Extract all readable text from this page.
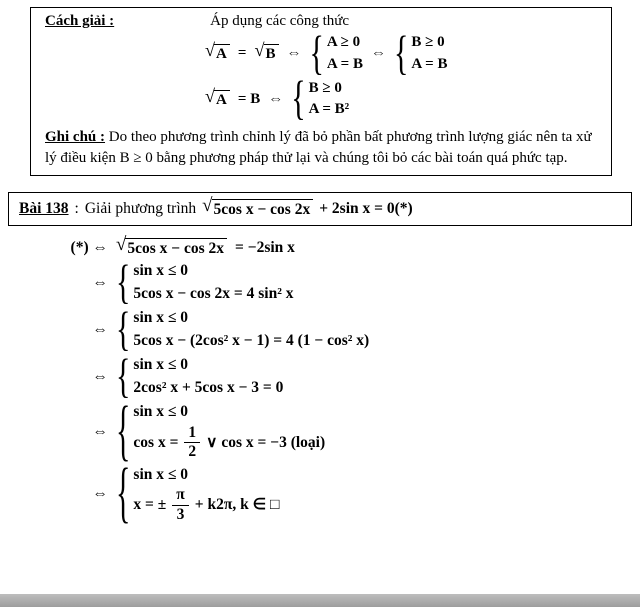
Cách giải :	Áp dụng các công thức
√ A = √ B ⇔ { A ≥ 0
A = B
⇔ { B ≥ 0
A = B
√ A = B ⇔ { B ≥ 0
A = B²

Ghi chú : Do theo phương trình chỉnh lý đã bỏ phần bất phương trình lượng giác nên ta xử lý điều kiện B ≥ 0 bằng phương pháp thử lại và chúng tôi bỏ các bài toán quá phức tạp.

Bài 138 : Giải phương trình √ 5cos x − cos 2x + 2sin x = 0(*)
(*) ⇔ √ 5cos x − cos 2x = −2sin x
⇔ { sin x ≤ 0
5cos x − cos 2x = 4 sin² x
⇔ { sin x ≤ 0
5cos x − (2cos² x − 1) = 4 (1 − cos² x)
⇔ { sin x ≤ 0
2cos² x + 5cos x − 3 = 0
⇔ { sin x ≤ 0
$\cos x = \frac{1}{2}$ ∨ cos x = −3 (loại)
⇔ { sin x ≤ 0
x = ± $\frac{\pi}{3} + k2\pi$, k ∈ □
